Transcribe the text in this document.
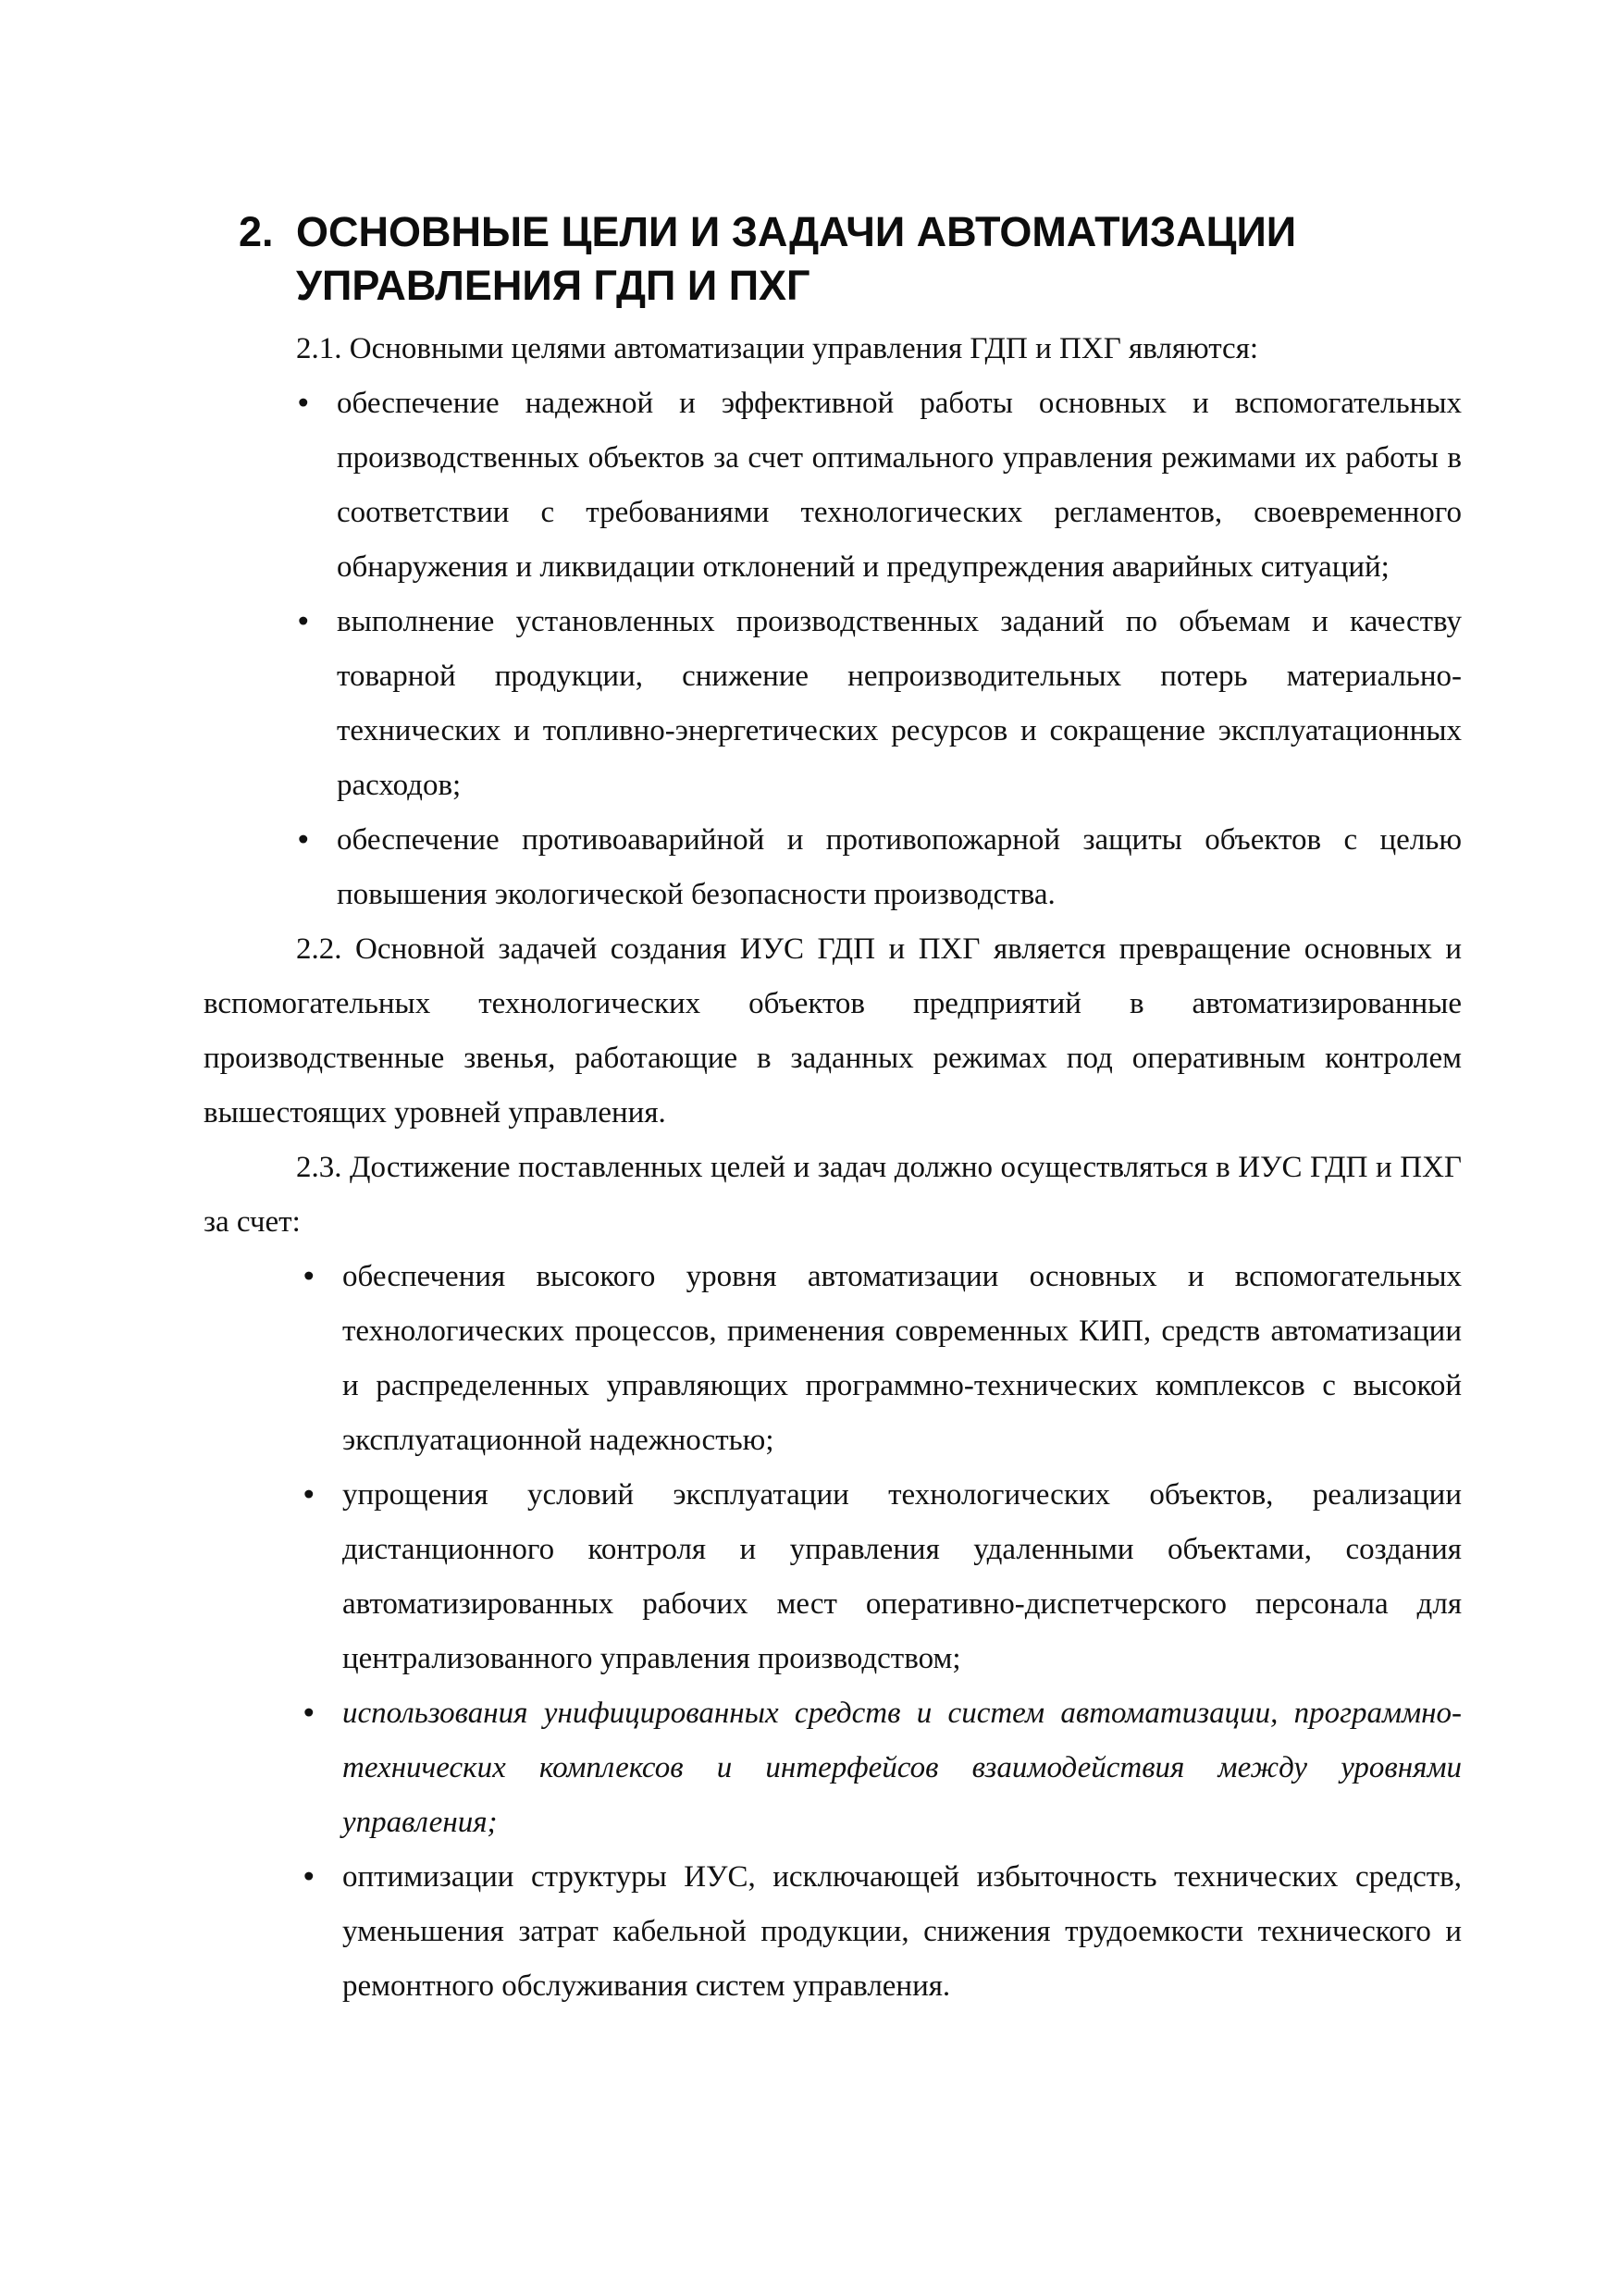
2. ОСНОВНЫЕ ЦЕЛИ И ЗАДАЧИ АВТОМАТИЗАЦИИ УПРАВЛЕНИЯ ГДП И ПХГ

2.1. Основными целями автоматизации управления ГДП и ПХГ являются:

• обеспечение надежной и эффективной работы основных и вспомогательных производственных объектов за счет оптимального управления режимами их работы в соответствии с требованиями технологических регламентов, своевременного обнаружения и ликвидации отклонений и предупреждения аварийных ситуаций;
• выполнение установленных производственных заданий по объемам и качеству товарной продукции, снижение непроизводительных потерь материально-технических и топливно-энергетических ресурсов и сокращение эксплуатационных расходов;
• обеспечение противоаварийной и противопожарной защиты объектов с целью повышения экологической безопасности производства.

2.2. Основной задачей создания ИУС ГДП и ПХГ является превращение основных и вспомогательных технологических объектов предприятий в автоматизированные производственные звенья, работающие в заданных режимах под оперативным контролем вышестоящих уровней управления.

2.3. Достижение поставленных целей и задач должно осуществляться в ИУС ГДП и ПХГ за счет:

• обеспечения высокого уровня автоматизации основных и вспомогательных технологических процессов, применения современных КИП, средств автоматизации и распределенных управляющих программно-технических комплексов с высокой эксплуатационной надежностью;
• упрощения условий эксплуатации технологических объектов, реализации дистанционного контроля и управления удаленными объектами, создания автоматизированных рабочих мест оперативно-диспетчерского персонала для централизованного управления производством;
• использования унифицированных средств и систем автоматизации, программно-технических комплексов и интерфейсов взаимодействия между уровнями управления;
• оптимизации структуры ИУС, исключающей избыточность технических средств, уменьшения затрат кабельной продукции, снижения трудоемкости технического и ремонтного обслуживания систем управления.
